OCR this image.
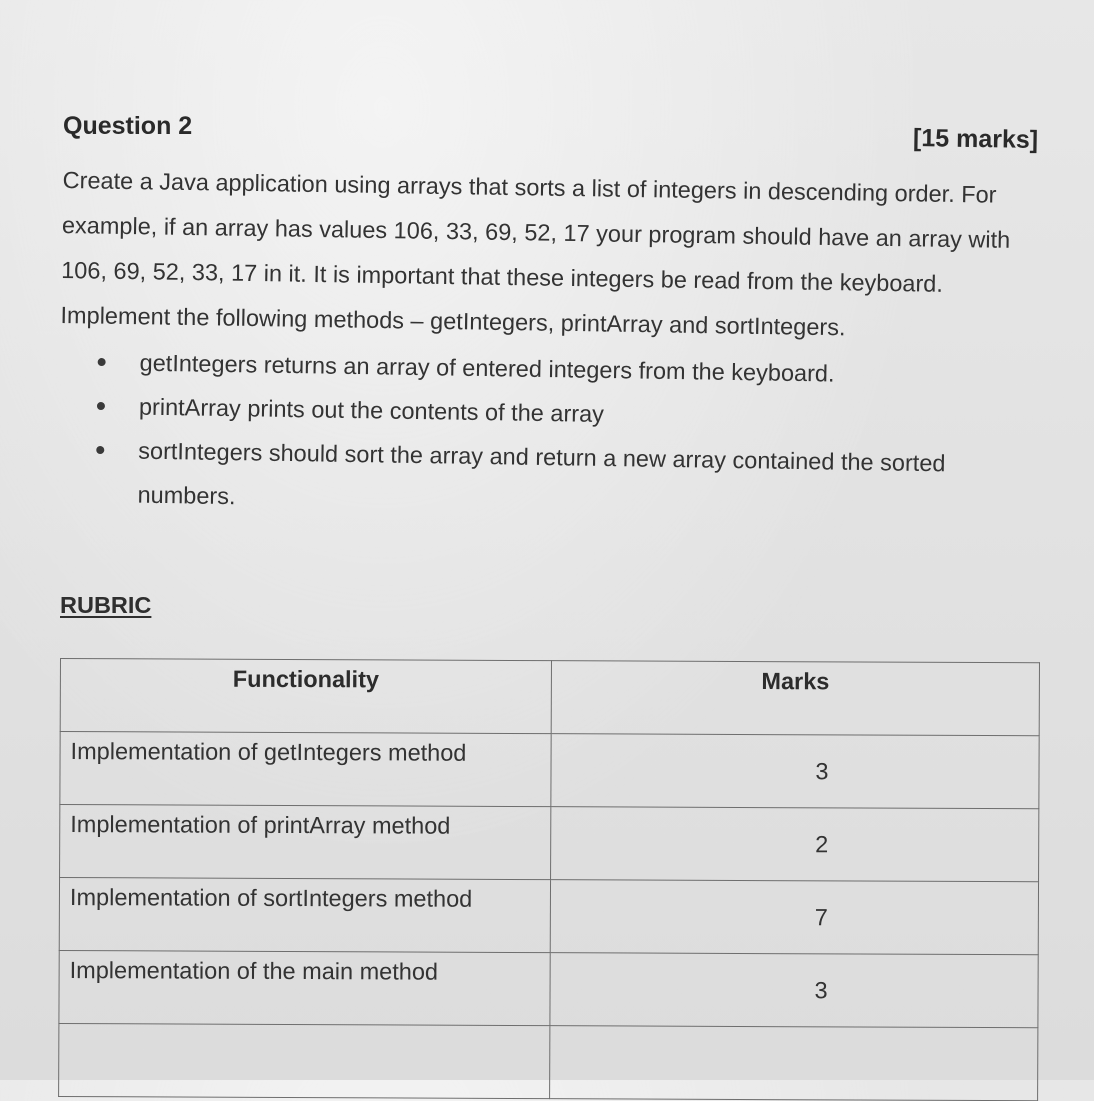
Question 2	[15 marks]

Create a Java application using arrays that sorts a list of integers in descending order. For example, if an array has values 106, 33, 69, 52, 17 your program should have an array with 106, 69, 52, 33, 17 in it. It is important that these integers be read from the keyboard. Implement the following methods – getIntegers, printArray and sortIntegers.

getIntegers returns an array of entered integers from the keyboard.
printArray prints out the contents of the array
sortIntegers should sort the array and return a new array contained the sorted numbers.
RUBRIC
Functionality	Marks
Implementation of getIntegers method	3
Implementation of printArray method	2
Implementation of sortIntegers method	7
Implementation of the main method	3
